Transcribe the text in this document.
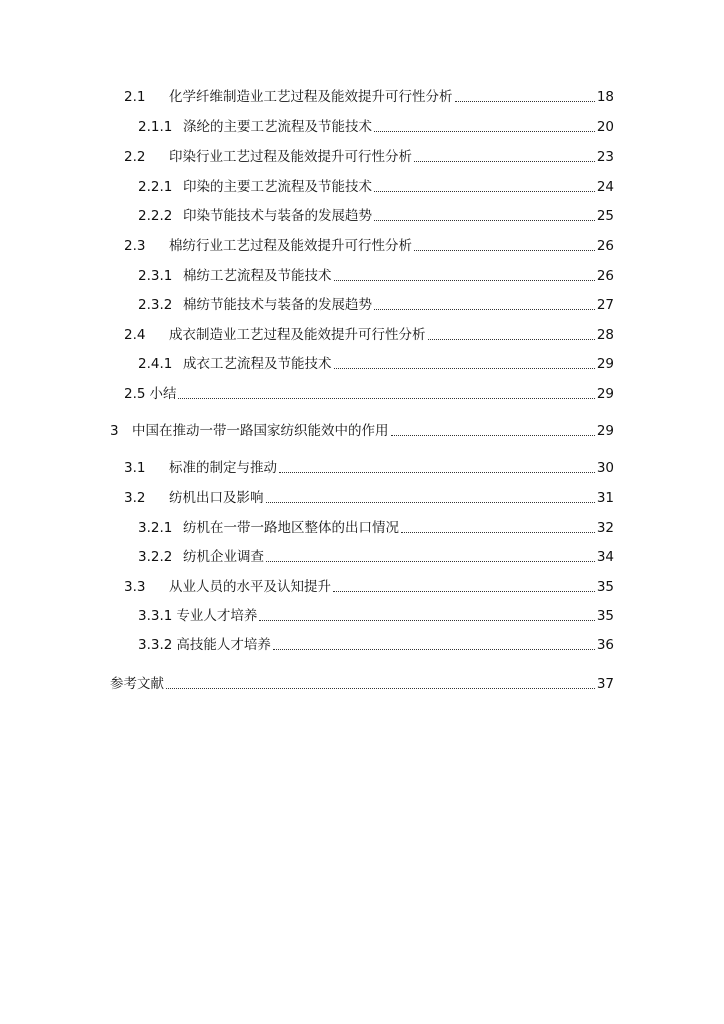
2.1	化学纤维制造业工艺过程及能效提升可行性分析	18
2.1.1 涤纶的主要工艺流程及节能技术	20
2.2	印染行业工艺过程及能效提升可行性分析	23
2.2.1 印染的主要工艺流程及节能技术	24
2.2.2 印染节能技术与装备的发展趋势	25
2.3	棉纺行业工艺过程及能效提升可行性分析	26
2.3.1 棉纺工艺流程及节能技术	26
2.3.2 棉纺节能技术与装备的发展趋势	27
2.4	成衣制造业工艺过程及能效提升可行性分析	28
2.4.1 成衣工艺流程及节能技术	29
2.5 小结	29
3 中国在推动一带一路国家纺织能效中的作用	29
3.1	标准的制定与推动	30
3.2	纺机出口及影响	31
3.2.1 纺机在一带一路地区整体的出口情况	32
3.2.2 纺机企业调查	34
3.3	从业人员的水平及认知提升	35
3.3.1 专业人才培养	35
3.3.2 高技能人才培养	36
参考文献	37
